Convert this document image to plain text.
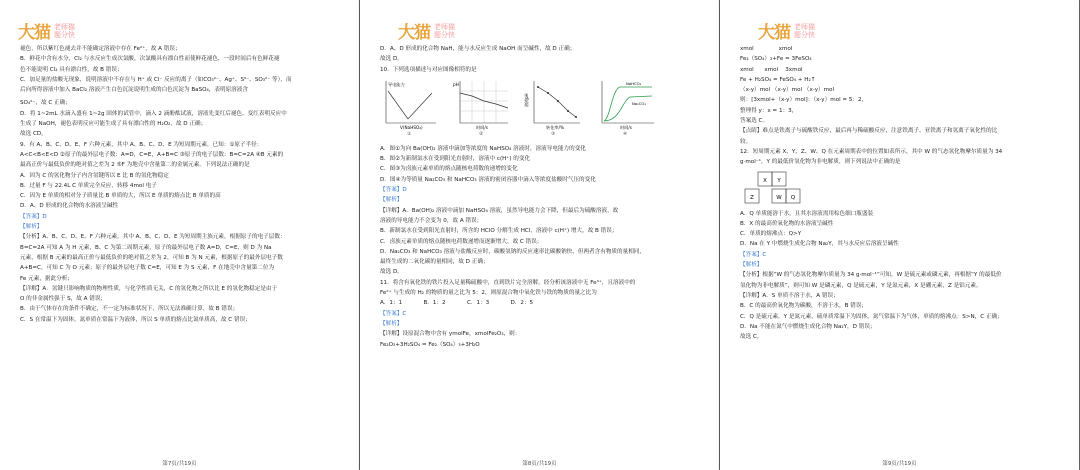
大猫 老师猫
题分快
褪色，所以紫红色褪去并不能确定溶液中存在 Fe²⁺，故 A 错误；
B．鲜花中含有水分，Cl₂ 与水反应生成次氯酸，次氯酸具有漂白性而使鲜花褪色，一段时间后有色鲜花褪
色不能说明 Cl₂ 具有漂白性，故 B 错误；
C．加足量的盐酸无现象，说明溶液中不存在与 H⁺ 或 Cl⁻ 反应的离子（如CO₃²⁻、Ag⁺、S²⁻、SO₃²⁻ 等），而
后向所得溶液中加入 BaCl₂ 溶液产生白色沉淀说明生成的白色沉淀为 BaSO₄，表明原溶液含
SO₄²⁻，故 C 正确；
D．将 1~2mL 水滴入盛有 1~2g 固体的试管中，滴入 2 滴酚酞试液，溶液先变红后褪色，变红表明反应中
生成了 NaOH，褪色表明反应可能生成了具有漂白性的 H₂O₂，故 D 正确；
故选 CD。
9．有 A、B、C、D、E、F 六种元素，其中 A、B、C、D、E 为短周期元素，已知：①原子半径：
A<C<B<E<D ②原子的最外层电子数：A=D，C=E，A+B=C ③原子的电子层数：B=C=2A ④B 元素的
最高正价与最低负价的绝对值之差为 2 ⑤F 为地壳中含量第二的金属元素。下列说法正确的是
A．因为 C 的氢化物分子内含氢键所以 E 比 B 的氢化物稳定
B．过量 F 与 22.4L C 单质完全反应，转移 4mol 电子
C．因为 E 单质的相对分子质量比 B 单质的大，所以 E 单质的熔点比 B 单质的高
D．A、D 形成的化合物的水溶液呈碱性
【答案】D
【解析】
【分析】A、B、C、D、E、F 六种元素，其中 A、B、C、D、E 为短周期主族元素，根据原子的电子层数：
B=C=2A 可知 A 为 H 元素，B、C 为第二周期元素，原子的最外层电子数 A=D，C=E，则 D 为 Na
元素，根据 B 元素的最高正价与最低负价的绝对值之差为 2，可知 B 为 N 元素，根据原子的最外层电子数
A+B=C，可知 C 为 O 元素；原子的最外层电子数 C=E，可知 E 为 S 元素，F 在地壳中含量第二位为
Fe 元素，据此分析；
【详解】A．氢键只影响物质的物理性质，与化学性质无关，C 的氢化物之所以比 E 的氢化物稳定是由于
O 的非金属性强于 S，故 A 错误；
B．由于气体存在的条件不确定，不一定为标准状况下，所以无法准确计算，故 B 错误；
C．S 在常温下为固体，氮单质在常温下为液体，所以 S 单质的熔点比氮单质高，故 C 错误；
第7页/共19页
大猫 老师猫
题分快
D．A、D 形成的化合物 NaH，能与水反应生成 NaOH 而呈碱性，故 D 正确；
故选 D。
10．下列选项描述与对应图像相符的是
导电能力
V(NaHSO₄)
①
pH
时间/s
②
溶液pH
转化率/%
③
NaHCO₃
Na₂CO₃
时间/s
④
A．图①为向 Ba(OH)₂ 溶液中滴加等浓度的 NaHSO₄ 溶液时，溶液导电能力的变化
B．图②为新制氯水在受到阳光直射时，溶液中 c(H⁺) 的变化
C．图③为卤族元素单质的熔点随核电荷数的递增的变化
D．图④为等质量 Na₂CO₃ 和 NaHCO₃ 溶液的密闭容器中滴入等浓度盐酸时气压的变化
【答案】D
【解析】
【详解】A．Ba(OH)₂ 溶液中滴加 NaHSO₄ 溶液，虽然导电能力会下降，但最后为硫酸溶液，故
溶液的导电能力不会变为 0，故 A 错误；
B．新制氯水在受到阳光直射时，所含的 HClO 分解生成 HCl，溶液中 c(H⁺) 增大，故 B 错误；
C．卤族元素单质的熔点随核电荷数递增而逐渐增大，故 C 错误；
D．Na₂CO₃ 和 NaHCO₃ 溶液与盐酸反应时，碳酸氢钠的反应速率比碳酸钠快，但两者含有物质的量相同，
最终生成的二氧化碳的量相同，故 D 正确；
故选 D。
11．将含有氧化铁的铁片投入足量稀硫酸中，直到铁片完全溶解，经分析该溶液中无 Fe³⁺，且溶液中的
Fe²⁺ 与生成的 H₂ 的物质的量之比为 5：2，则原混合物中氧化铁与铁的物质的量之比为
A．1：1            B．1：2            C．1：3            D．2：5
【答案】C
【解析】
【详解】设原混合物中含有 ymolFe，xmolFe₂O₃，则：
Fe₂O₃+3H₂SO₄ = Fe₂（SO₄）₃+3H₂O
第8页/共19页
大猫 老师猫
题分快
xmol              xmol
Fe₂（SO₄）₃+Fe = 3FeSO₄
xmol      xmol    3xmol
Fe + H₂SO₄ = FeSO₄ + H₂↑
（x-y）mol （x-y）mol （x-y）mol
则：[3xmol+（x-y）mol]：（x-y）mol = 5：2，
整理得 y：x = 1：3，
答案选 C。
【点睛】难点是铁离子与硫酸铁反应，最后再与稀硫酸反应，注意铁离子、亚铁离子和氢离子氧化性的比
较。
12．短周期元素 X、Y、Z、W、Q 在元素周期表中的位置如表所示，其中 W 的气态氢化物摩尔质量为 34
g·mol⁻¹，Y 的最低价氢化物为非电解质，则下列说法中正确的是
X Y
Z	W Q
A．Q 单质能溶于水，且其水溶液需用棕色细口瓶盛装
B．X 的最高价氧化物的水溶液呈碱性
C．单质的熔沸点：Q>Y
D．Na 在 Y 中燃烧生成化合物 Na₂Y，其与水反应后溶液呈碱性
【答案】C
【解析】
【分析】根据“W 的气态氢化物摩尔质量为 34 g·mol⁻¹”可知，W 是硫元素或磷元素，再根据“Y 的最低价
氢化物为非电解质”，则可知 W 是磷元素，Q 是硫元素，Y 是氮元素，X 是硼元素，Z 是铝元素。
【详解】A．S 单质不溶于水，A 错误；
B．C 的最高价氧化物为碳酸，不溶于水，B 错误；
C．Q 是硫元素，Y 是氮元素，硫单质常温下为固体，氮气常温下为气体，单质的熔沸点：S>N，C 正确；
D．Na 不能在氮气中燃烧生成化合物 Na₂Y，D 错误；
故选 C。
第9页/共19页
